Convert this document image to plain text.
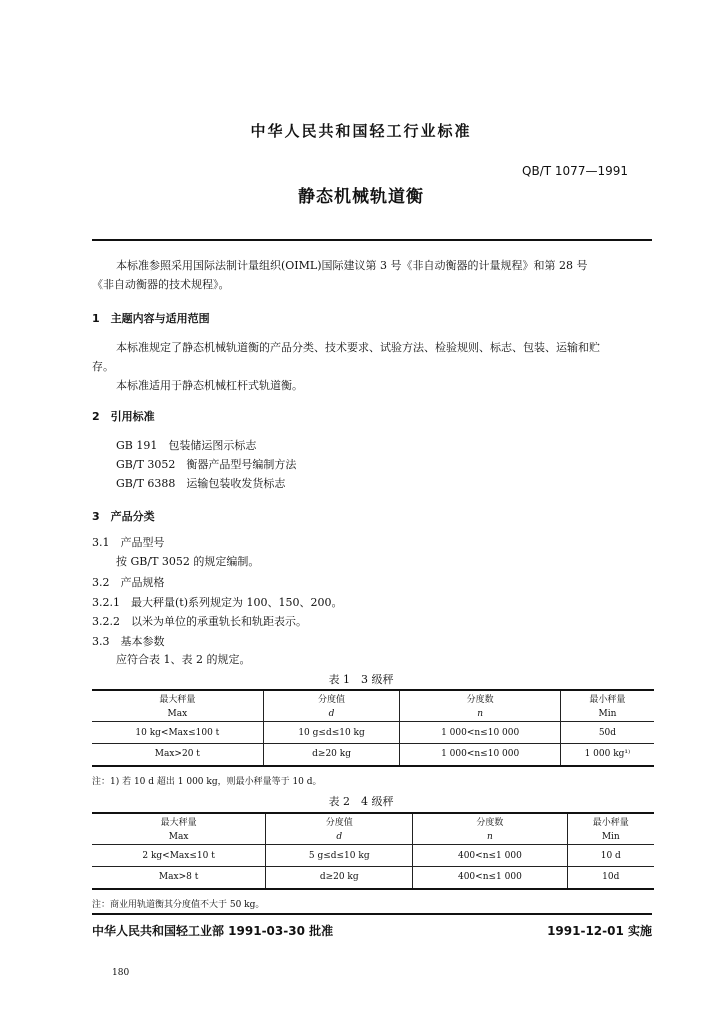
中华人民共和国轻工行业标准
QB/T 1077—1991
静态机械轨道衡
本标准参照采用国际法制计量组织(OIML)国际建议第 3 号《非自动衡器的计量规程》和第 28 号
《非自动衡器的技术规程》。
1　主题内容与适用范围
本标准规定了静态机械轨道衡的产品分类、技术要求、试验方法、检验规则、标志、包装、运输和贮
存。
本标准适用于静态机械杠杆式轨道衡。
2　引用标准
GB 191　包装储运图示标志
GB/T 3052　衡器产品型号编制方法
GB/T 6388　运输包装收发货标志
3　产品分类
3.1　产品型号
按 GB/T 3052 的规定编制。
3.2　产品规格
3.2.1　最大秤量(t)系列规定为 100、150、200。
3.2.2　以米为单位的承重轨长和轨距表示。
3.3　基本参数
应符合表 1、表 2 的规定。
表 1　3 级秤
最大秤量	分度值	分度数	最小秤量
Max	d	n	Min
10 kg<Max≤100 t	10 g≤d≤10 kg	1 000<n≤10 000	50d
Max>20 t	d≥20 kg	1 000<n≤10 000	1 000 kg¹⁾
注：1) 若 10 d 超出 1 000 kg，则最小秤量等于 10 d。
表 2　4 级秤
最大秤量	分度值	分度数	最小秤量
Max	d	n	Min
2 kg<Max≤10 t	5 g≤d≤10 kg	400<n≤1 000	10 d
Max>8 t	d≥20 kg	400<n≤1 000	10d
注：商业用轨道衡其分度值不大于 50 kg。
中华人民共和国轻工业部 1991-03-30 批准	1991-12-01 实施
180
